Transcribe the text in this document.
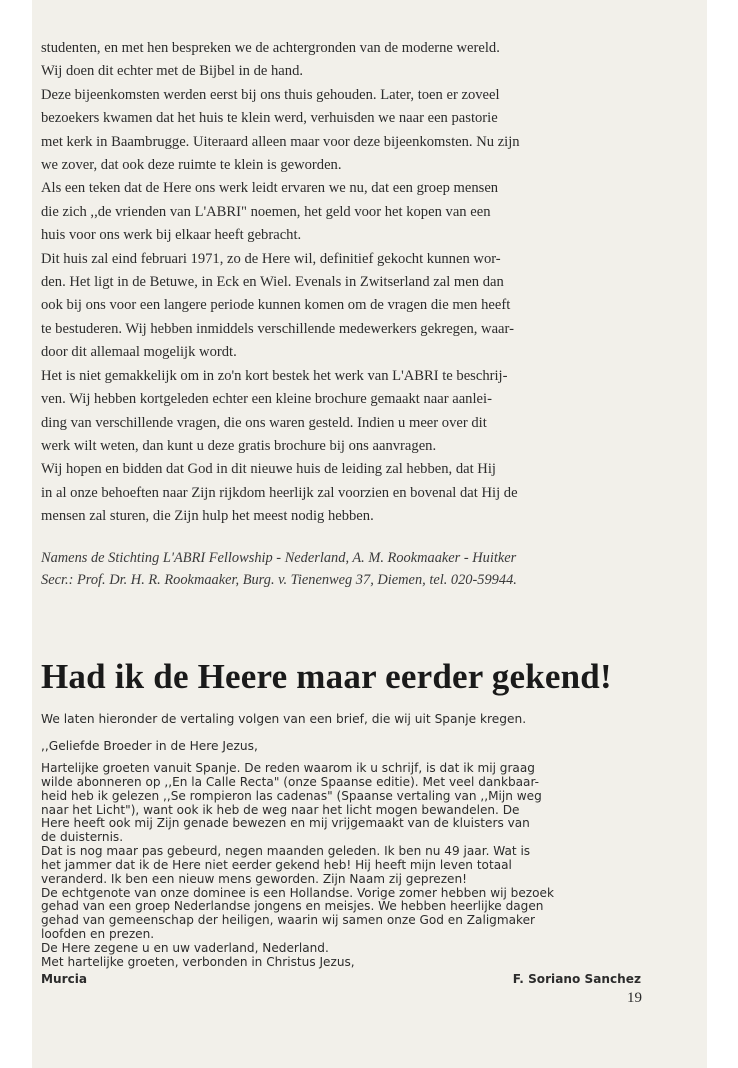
studenten, en met hen bespreken we de achtergronden van de moderne wereld.

Wij doen dit echter met de Bijbel in de hand.

Deze bijeenkomsten werden eerst bij ons thuis gehouden. Later, toen er zoveel

bezoekers kwamen dat het huis te klein werd, verhuisden we naar een pastorie

met kerk in Baambrugge. Uiteraard alleen maar voor deze bijeenkomsten. Nu zijn

we zover, dat ook deze ruimte te klein is geworden.

Als een teken dat de Here ons werk leidt ervaren we nu, dat een groep mensen

die zich ,,de vrienden van L'ABRI" noemen, het geld voor het kopen van een

huis voor ons werk bij elkaar heeft gebracht.

Dit huis zal eind februari 1971, zo de Here wil, definitief gekocht kunnen wor-

den. Het ligt in de Betuwe, in Eck en Wiel. Evenals in Zwitserland zal men dan

ook bij ons voor een langere periode kunnen komen om de vragen die men heeft

te bestuderen. Wij hebben inmiddels verschillende medewerkers gekregen, waar-

door dit allemaal mogelijk wordt.

Het is niet gemakkelijk om in zo'n kort bestek het werk van L'ABRI te beschrij-

ven. Wij hebben kortgeleden echter een kleine brochure gemaakt naar aanlei-

ding van verschillende vragen, die ons waren gesteld. Indien u meer over dit

werk wilt weten, dan kunt u deze gratis brochure bij ons aanvragen.

Wij hopen en bidden dat God in dit nieuwe huis de leiding zal hebben, dat Hij

in al onze behoeften naar Zijn rijkdom heerlijk zal voorzien en bovenal dat Hij de

mensen zal sturen, die Zijn hulp het meest nodig hebben.

Namens de Stichting L'ABRI Fellowship - Nederland, A. M. Rookmaaker - Huitker

Secr.: Prof. Dr. H. R. Rookmaaker, Burg. v. Tienenweg 37, Diemen, tel. 020-59944.

Had ik de Heere maar eerder gekend!

We laten hieronder de vertaling volgen van een brief, die wij uit Spanje kregen.

,,Geliefde Broeder in de Here Jezus,

Hartelijke groeten vanuit Spanje. De reden waarom ik u schrijf, is dat ik mij graag

wilde abonneren op ,,En la Calle Recta" (onze Spaanse editie). Met veel dankbaar-

heid heb ik gelezen ,,Se rompieron las cadenas" (Spaanse vertaling van ,,Mijn weg

naar het Licht"), want ook ik heb de weg naar het licht mogen bewandelen. De

Here heeft ook mij Zijn genade bewezen en mij vrijgemaakt van de kluisters van

de duisternis.

Dat is nog maar pas gebeurd, negen maanden geleden. Ik ben nu 49 jaar. Wat is

het jammer dat ik de Here niet eerder gekend heb! Hij heeft mijn leven totaal

veranderd. Ik ben een nieuw mens geworden. Zijn Naam zij geprezen!

De echtgenote van onze dominee is een Hollandse. Vorige zomer hebben wij bezoek

gehad van een groep Nederlandse jongens en meisjes. We hebben heerlijke dagen

gehad van gemeenschap der heiligen, waarin wij samen onze God en Zaligmaker

loofden en prezen.

De Here zegene u en uw vaderland, Nederland.

Met hartelijke groeten, verbonden in Christus Jezus,

Murcia	F. Soriano Sanchez
19
